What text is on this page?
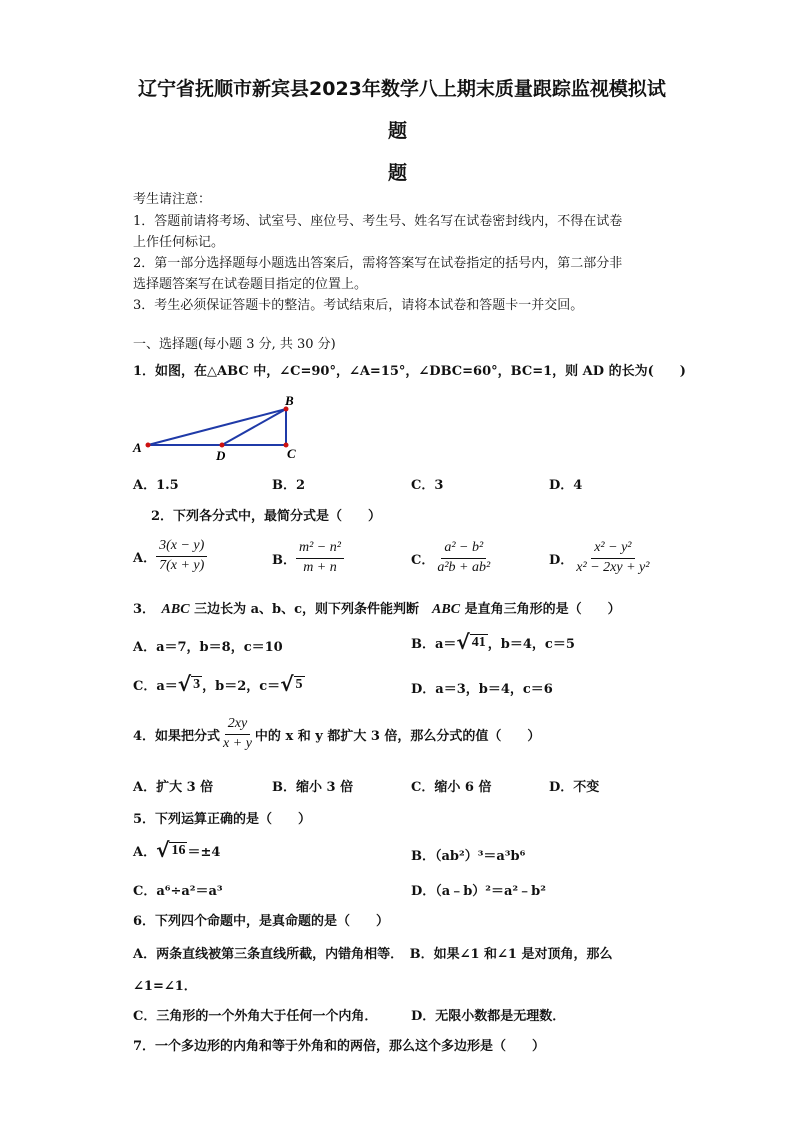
辽宁省抚顺市新宾县2023年数学八上期末质量跟踪监视模拟试
题
题
考生请注意：
1．答题前请将考场、试室号、座位号、考生号、姓名写在试卷密封线内，不得在试卷
上作任何标记。
2．第一部分选择题每小题选出答案后，需将答案写在试卷指定的括号内，第二部分非
选择题答案写在试卷题目指定的位置上。
3．考生必须保证答题卡的整洁。考试结束后，请将本试卷和答题卡一并交回。
一、选择题(每小题 3 分, 共 30 分)
1．如图，在△ABC 中，∠C=90°，∠A=15°，∠DBC=60°，BC=1，则 AD 的长为(　　)
A
B
C
D
A．1.5	B．2	C．3	D．4
2．下列各分式中，最简分式是（　　）
A． $\frac{3(x - y)}{7(x + y)}$	B． $\frac{\text{m² − n²}}{m + n}$	C． $\frac{\text{a² − b²}}{\text{a²b + ab²}}$	D． $\frac{\text{x² − y²}}{\text{x² − 2xy + y²}}$
3．　ABC 三边长为 a、b、c，则下列条件能判断　ABC 是直角三角形的是（　　）
A．a＝7，b＝8，c＝10	B．a＝ √ 41 ，b＝4，c＝5
C．a＝ √ 3 ，b＝2，c＝ √ 5	D．a＝3，b＝4，c＝6
4．如果把分式 $\frac{2xy}{x + y}$ 中的 x 和 y 都扩大 3 倍，那么分式的值（　　）
A．扩大 3 倍	B．缩小 3 倍	C．缩小 6 倍	D．不变
5．下列运算正确的是（　　）
A． √ 16 ＝±4	B．（ab²）³＝a³b⁶
C．a⁶÷a²＝a³	D．（a﹣b）²＝a²﹣b²
6．下列四个命题中，是真命题的是（　　）
A．两条直线被第三条直线所截，内错角相等．　B．如果∠1 和∠1 是对顶角，那么
∠1=∠1．
C．三角形的一个外角大于任何一个内角．	D．无限小数都是无理数．
7．一个多边形的内角和等于外角和的两倍，那么这个多边形是（　　）
